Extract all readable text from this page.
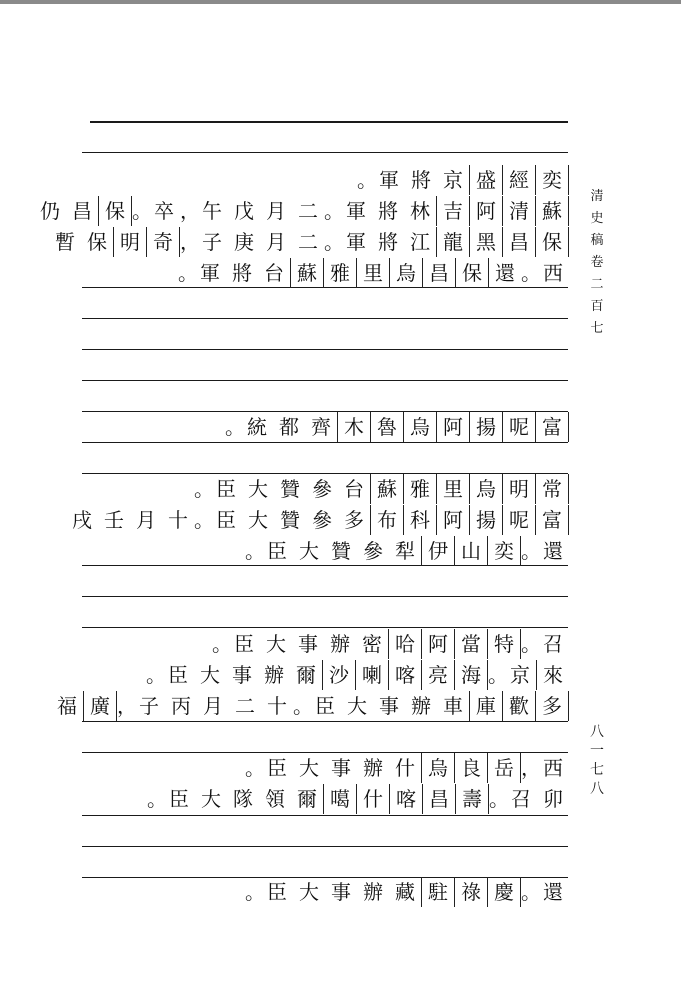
奕
經
盛
京
將
軍
。
蘇
清
阿
吉
林
將
軍
。
二
月
戊
午
，
卒
。
保
昌
仍
保
昌
黑
龍
江
將
軍
。
二
月
庚
子
，
奇
明
保
暫
西
。
還
保
昌
烏
里
雅
蘇
台
將
軍
。
富
呢
揚
阿
烏
魯
木
齊
都
統
。
常
明
烏
里
雅
蘇
台
參
贊
大
臣
。
富
呢
揚
阿
科
布
多
參
贊
大
臣
。
十
月
壬
戌
還
。
奕
山
伊
犁
參
贊
大
臣
。
召
。
特
當
阿
哈
密
辦
事
大
臣
。
來
京
。
海
亮
喀
喇
沙
爾
辦
事
大
臣
。
多
歡
庫
車
辦
事
大
臣
。
十
二
月
丙
子
，
廣
福
西
，
岳
良
烏
什
辦
事
大
臣
。
卯
召
。
壽
昌
喀
什
噶
爾
領
隊
大
臣
。
還
。
慶
祿
駐
藏
辦
事
大
臣
。
清史稿卷二百七
八一七八
